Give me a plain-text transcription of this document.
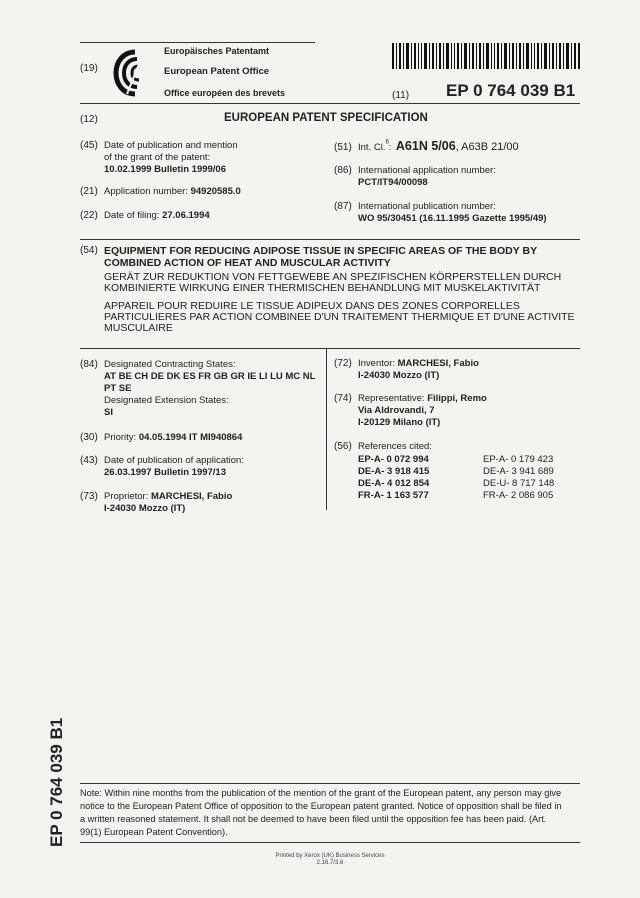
(19)
Europäisches Patentamt
European Patent Office
Office européen des brevets	(11) EP 0 764 039 B1
(12)	EUROPEAN PATENT SPECIFICATION
(45) Date of publication and mention
of the grant of the patent:
10.02.1999 Bulletin 1999/06
(21) Application number: 94920585.0
(22) Date of filing: 27.06.1994
(51) Int. Cl.$^6$: A61N 5/06, A63B 21/00
(86) International application number:
PCT/IT94/00098
(87) International publication number:
WO 95/30451 (16.11.1995 Gazette 1995/49)
(54) EQUIPMENT FOR REDUCING ADIPOSE TISSUE IN SPECIFIC AREAS OF THE BODY BY
COMBINED ACTION OF HEAT AND MUSCULAR ACTIVITY
GERÄT ZUR REDUKTION VON FETTGEWEBE AN SPEZIFISCHEN KÖRPERSTELLEN DURCH
KOMBINIERTE WIRKUNG EINER THERMISCHEN BEHANDLUNG MIT MUSKELAKTIVITÄT
APPAREIL POUR REDUIRE LE TISSUE ADIPEUX DANS DES ZONES CORPORELLES
PARTICULIERES PAR ACTION COMBINEE D'UN TRAITEMENT THERMIQUE ET D'UNE ACTIVITE
MUSCULAIRE
(84) Designated Contracting States:
AT BE CH DE DK ES FR GB GR IE LI LU MC NL
PT SE
Designated Extension States:
SI
(30) Priority: 04.05.1994 IT MI940864
(43) Date of publication of application:
26.03.1997 Bulletin 1997/13
(73) Proprietor: MARCHESI, Fabio
I-24030 Mozzo (IT)
(72) Inventor: MARCHESI, Fabio
I-24030 Mozzo (IT)
(74) Representative: Filippi, Remo
Via Aldrovandi, 7
I-20129 Milano (IT)
(56) References cited:
EP-A- 0 072 994
DE-A- 3 918 415
DE-A- 4 012 854
FR-A- 1 163 577
EP-A- 0 179 423
DE-A- 3 941 689
DE-U- 8 717 148
FR-A- 2 086 905
EP 0 764 039 B1 Note: Within nine months from the publication of the mention of the grant of the European patent, any person may give
notice to the European Patent Office of opposition to the European patent granted. Notice of opposition shall be filed in
a written reasoned statement. It shall not be deemed to have been filed until the opposition fee has been paid. (Art.
99(1) European Patent Convention).
Printed by Xerox (UK) Business Services
2.16.7/3.6
